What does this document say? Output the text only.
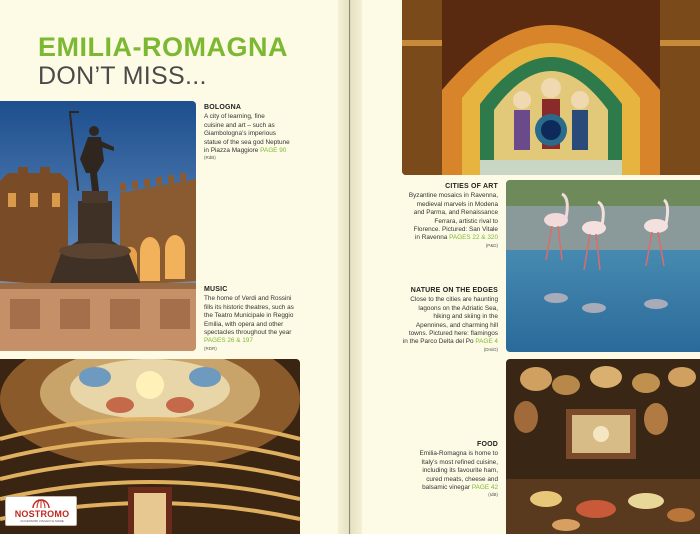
EMILIA-ROMAGNA
DON’T MISS...
BOLOGNA
A city of learning, fine
cuisine and art – such as
Giambologna’s imperious
statue of the sea god Neptune
in Piazza Maggiore PAGE 90
(RdB)
MUSIC
The home of Verdi and Rossini
fills its historic theatres, such as
the Teatro Municipale in Reggio
Emilia, with opera and other
spectacles throughout the year
PAGES 26 & 197
(RDR)
NOSTROMO
ACCESSORI VIAGGIO E MARE
CITIES OF ART
Byzantine mosaics in Ravenna,
medieval marvels in Modena
and Parma, and Renaissance
Ferrara, artistic rival to
Florence. Pictured: San Vitale
in Ravenna PAGES 22 & 320
(P&D)
NATURE ON THE EDGES
Close to the cities are haunting
lagoons on the Adriatic Sea,
hiking and skiing in the
Apennines, and charming hill
towns. Pictured here: flamingos
in the Parco Delta del Po PAGE 4
(DmiD)
FOOD
Emilia-Romagna is home to
Italy’s most refined cuisine,
including its favourite ham,
cured meats, cheese and
balsamic vinegar PAGE 42
(IdB)
